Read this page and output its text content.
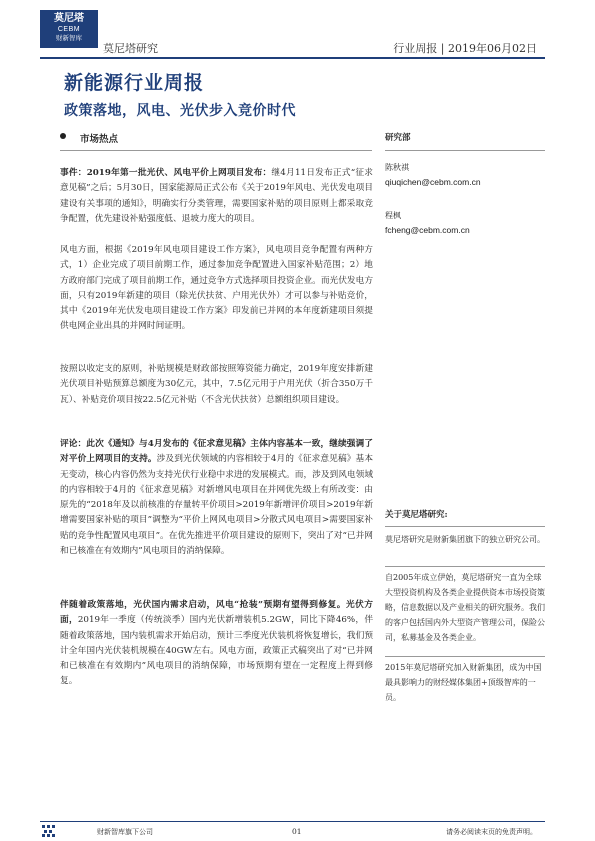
莫尼塔
CEBM
财新智库
莫尼塔研究	行业周报 | 2019年06月02日
新能源行业周报
政策落地，风电、光伏步入竞价时代
市场热点

事件：2019年第一批光伏、风电平价上网项目发布：继4月11日发布正式“征求意见稿”之后；5月30日，国家能源局正式公布《关于2019年风电、光伏发电项目建设有关事项的通知》，明确实行分类管理，需要国家补贴的项目原则上都采取竞争配置，优先建设补贴强度低、退坡力度大的项目。

风电方面，根据《2019年风电项目建设工作方案》，风电项目竞争配置有两种方式，1）企业完成了项目前期工作，通过参加竞争配置进入国家补贴范围；2）地方政府部门完成了项目前期工作，通过竞争方式选择项目投资企业。而光伏发电方面，只有2019年新建的项目（除光伏扶贫、户用光伏外）才可以参与补贴竞价，其中《2019年光伏发电项目建设工作方案》印发前已并网的本年度新建项目须提供电网企业出具的并网时间证明。

按照以收定支的原则，补贴规模是财政部按照筹资能力确定，2019年度安排新建光伏项目补贴预算总额度为30亿元，其中，7.5亿元用于户用光伏（折合350万千瓦）、补贴竞价项目按22.5亿元补贴（不含光伏扶贫）总额组织项目建设。

评论：此次《通知》与4月发布的《征求意见稿》主体内容基本一致，继续强调了对平价上网项目的支持。涉及到光伏领域的内容相较于4月的《征求意见稿》基本无变动，核心内容仍然为支持光伏行业稳中求进的发展模式。而，涉及到风电领域的内容相较于4月的《征求意见稿》对新增风电项目在并网优先级上有所改变：由原先的“2018年及以前核准的存量转平价项目>2019年新增评价项目>2019年新增需要国家补贴的项目”调整为“平价上网风电项目>分散式风电项目>需要国家补贴的竞争性配置风电项目”。在优先推进平价项目建设的原则下，突出了对“已并网和已核准在有效期内”风电项目的消纳保障。

伴随着政策落地，光伏国内需求启动，风电“抢装”预期有望得到修复。光伏方面，2019年一季度（传统淡季）国内光伏新增装机5.2GW，同比下降46%，伴随着政策落地，国内装机需求开始启动，预计三季度光伏装机将恢复增长，我们预计全年国内光伏装机规模在40GW左右。风电方面，政策正式稿突出了对“已并网和已核准在有效期内”风电项目的消纳保障，市场预期有望在一定程度上得到修复。

研究部
陈秋祺
qiuqichen@cebm.com.cn
程枫
fcheng@cebm.com.cn
关于莫尼塔研究:
莫尼塔研究是财新集团旗下的独立研究公司。
自2005年成立伊始，莫尼塔研究一直为全球大型投资机构及各类企业提供资本市场投资策略，信息数据以及产业相关的研究服务。我们的客户包括国内外大型资产管理公司，保险公司，私募基金及各类企业。
2015年莫尼塔研究加入财新集团，成为中国最具影响力的财经媒体集团+顶级智库的一员。
财新智库旗下公司	01	请务必阅读末页的免责声明。
